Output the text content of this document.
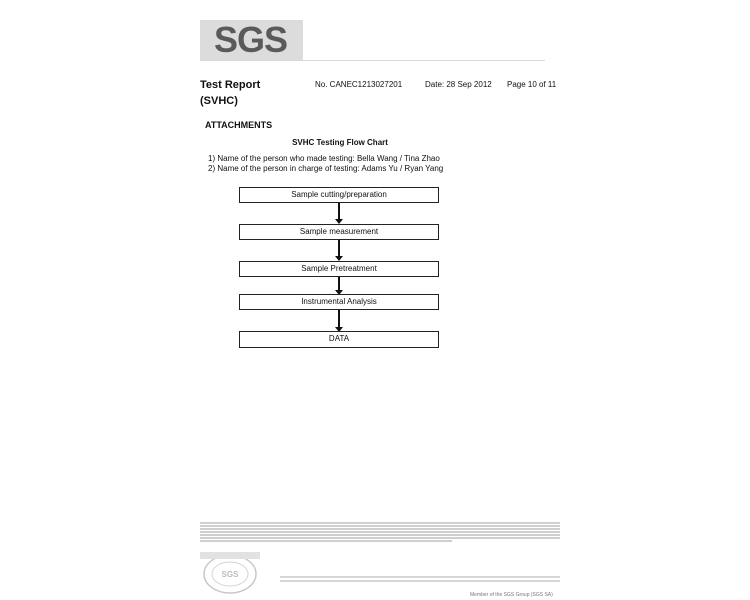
SGS
Test Report
(SVHC)
No. CANEC1213027201	Date: 28 Sep 2012 Page 10 of 11
ATTACHMENTS
SVHC Testing Flow Chart
1) Name of the person who made testing: Bella Wang / Tina Zhao
2) Name of the person in charge of testing: Adams Yu / Ryan Yang
Sample cutting/preparation
Sample measurement
Sample Pretreatment
Instrumental Analysis
DATA
SGS
Member of the SGS Group (SGS SA)
